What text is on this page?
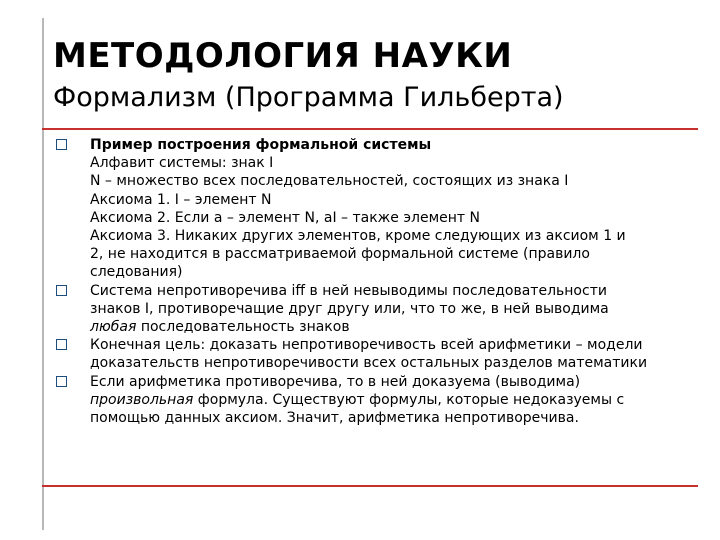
МЕТОДОЛОГИЯ НАУКИ
Формализм (Программа Гильберта)
Пример построения формальной системы
Алфавит системы: знак I
N – множество всех последовательностей, состоящих из знака I
Аксиома 1. I – элемент N
Аксиома 2. Если a – элемент N, aI – также элемент N
Аксиома 3. Никаких других элементов, кроме следующих из аксиом 1 и
2, не находится в рассматриваемой формальной системе (правило
следования)
Система непротиворечива iff в ней невыводимы последовательности
знаков I, противоречащие друг другу или, что то же, в ней выводима
любая последовательность знаков
Конечная цель: доказать непротиворечивость всей арифметики – модели
доказательств непротиворечивости всех остальных разделов математики
Если арифметика противоречива, то в ней доказуема (выводима)
произвольная формула. Существуют формулы, которые недоказуемы с
помощью данных аксиом. Значит, арифметика непротиворечива.
